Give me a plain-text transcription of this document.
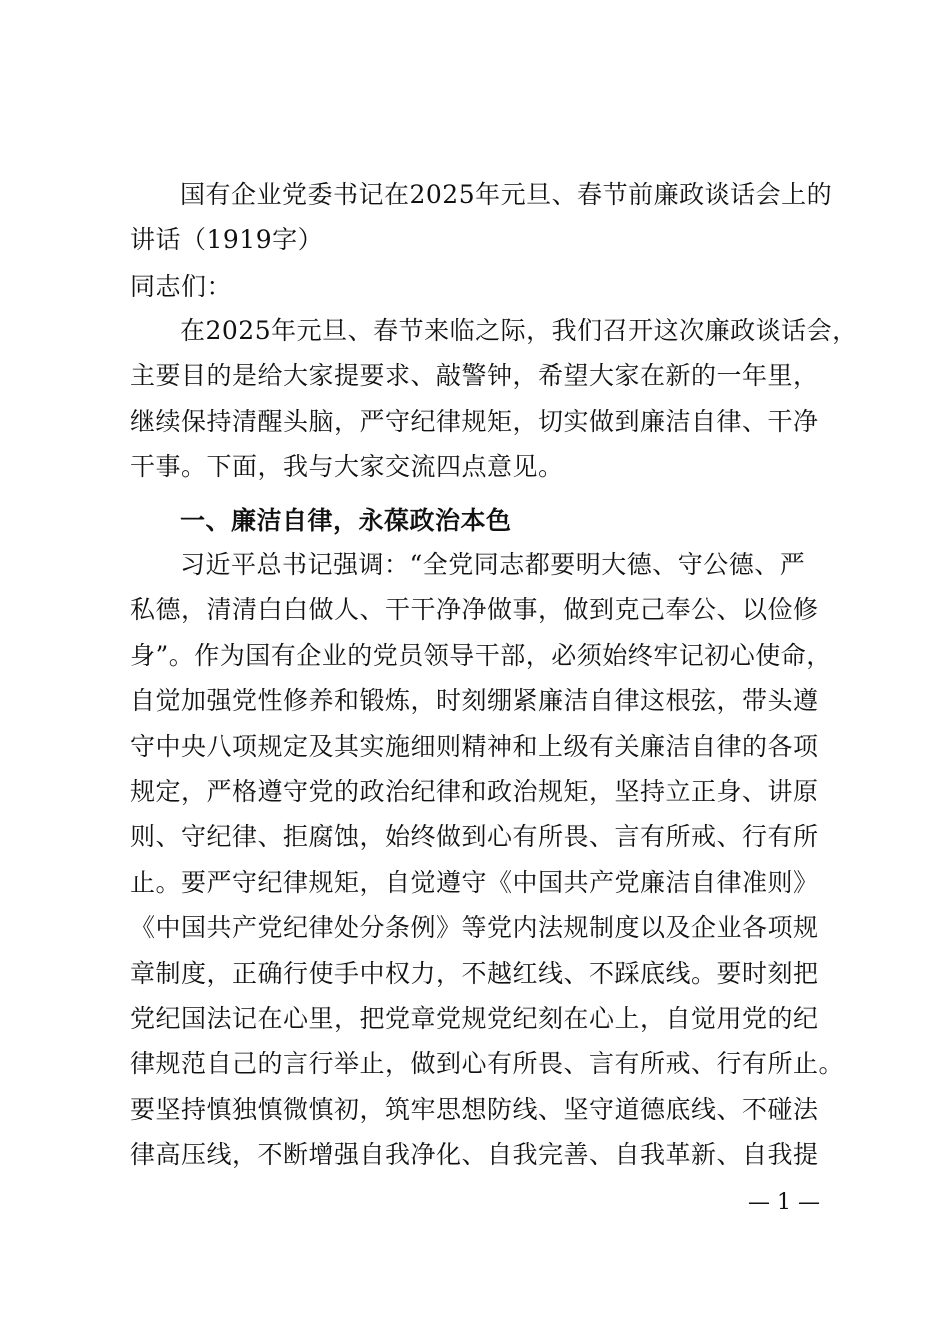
国有企业党委书记在2025年元旦、春节前廉政谈话会上的
讲话（1919字）
同志们：
在2025年元旦、春节来临之际，我们召开这次廉政谈话会，
主要目的是给大家提要求、敲警钟，希望大家在新的一年里，
继续保持清醒头脑，严守纪律规矩，切实做到廉洁自律、干净
干事。下面，我与大家交流四点意见。
一、廉洁自律，永葆政治本色
习近平总书记强调：“全党同志都要明大德、守公德、严
私德，清清白白做人、干干净净做事，做到克己奉公、以俭修
身”。作为国有企业的党员领导干部，必须始终牢记初心使命，
自觉加强党性修养和锻炼，时刻绷紧廉洁自律这根弦，带头遵
守中央八项规定及其实施细则精神和上级有关廉洁自律的各项
规定，严格遵守党的政治纪律和政治规矩，坚持立正身、讲原
则、守纪律、拒腐蚀，始终做到心有所畏、言有所戒、行有所
止。要严守纪律规矩，自觉遵守《中国共产党廉洁自律准则》
《中国共产党纪律处分条例》等党内法规制度以及企业各项规
章制度，正确行使手中权力，不越红线、不踩底线。要时刻把
党纪国法记在心里，把党章党规党纪刻在心上，自觉用党的纪
律规范自己的言行举止，做到心有所畏、言有所戒、行有所止。
要坚持慎独慎微慎初，筑牢思想防线、坚守道德底线、不碰法
律高压线，不断增强自我净化、自我完善、自我革新、自我提
— 1 —
